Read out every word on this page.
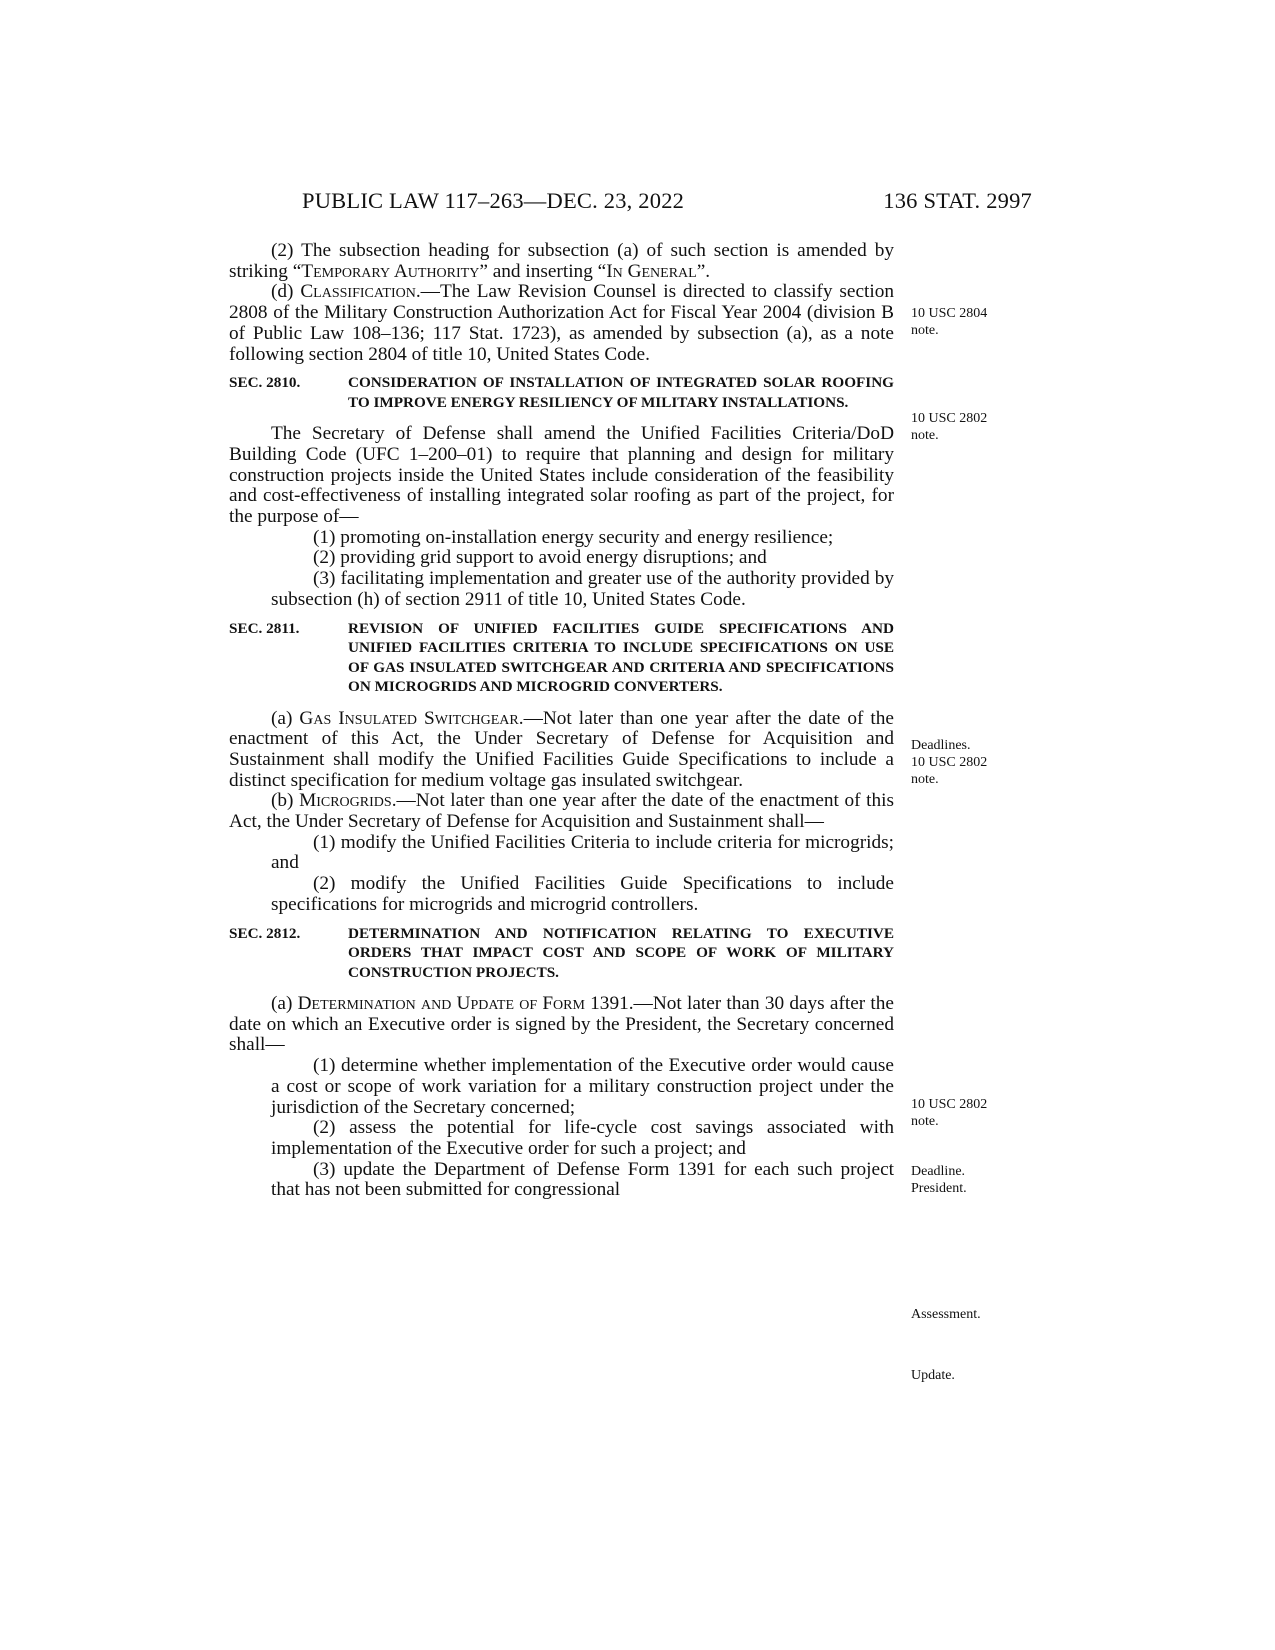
PUBLIC LAW 117–263—DEC. 23, 2022	136 STAT. 2997

(2) The subsection heading for subsection (a) of such section is amended by striking “Temporary Authority” and inserting “In General”.

(d) Classification.—The Law Revision Counsel is directed to classify section 2808 of the Military Construction Authorization Act for Fiscal Year 2004 (division B of Public Law 108–136; 117 Stat. 1723), as amended by subsection (a), as a note following section 2804 of title 10, United States Code.

SEC. 2810.	CONSIDERATION OF INSTALLATION OF INTEGRATED SOLAR ROOFING TO IMPROVE ENERGY RESILIENCY OF MILITARY INSTALLATIONS.

The Secretary of Defense shall amend the Unified Facilities Criteria/DoD Building Code (UFC 1–200–01) to require that planning and design for military construction projects inside the United States include consideration of the feasibility and cost-effectiveness of installing integrated solar roofing as part of the project, for the purpose of—

(1) promoting on-installation energy security and energy resilience;

(2) providing grid support to avoid energy disruptions; and

(3) facilitating implementation and greater use of the authority provided by subsection (h) of section 2911 of title 10, United States Code.

SEC. 2811.	REVISION OF UNIFIED FACILITIES GUIDE SPECIFICATIONS AND UNIFIED FACILITIES CRITERIA TO INCLUDE SPECIFICATIONS ON USE OF GAS INSULATED SWITCHGEAR AND CRITERIA AND SPECIFICATIONS ON MICROGRIDS AND MICROGRID CONVERTERS.

(a) Gas Insulated Switchgear.—Not later than one year after the date of the enactment of this Act, the Under Secretary of Defense for Acquisition and Sustainment shall modify the Unified Facilities Guide Specifications to include a distinct specification for medium voltage gas insulated switchgear.

(b) Microgrids.—Not later than one year after the date of the enactment of this Act, the Under Secretary of Defense for Acquisition and Sustainment shall—

(1) modify the Unified Facilities Criteria to include criteria for microgrids; and

(2) modify the Unified Facilities Guide Specifications to include specifications for microgrids and microgrid controllers.

SEC. 2812.	DETERMINATION AND NOTIFICATION RELATING TO EXECUTIVE ORDERS THAT IMPACT COST AND SCOPE OF WORK OF MILITARY CONSTRUCTION PROJECTS.

(a) Determination and Update of Form 1391.—Not later than 30 days after the date on which an Executive order is signed by the President, the Secretary concerned shall—

(1) determine whether implementation of the Executive order would cause a cost or scope of work variation for a military construction project under the jurisdiction of the Secretary concerned;

(2) assess the potential for life-cycle cost savings associated with implementation of the Executive order for such a project; and

(3) update the Department of Defense Form 1391 for each such project that has not been submitted for congressional

10 USC 2804
note.
10 USC 2802
note.
Deadlines.
10 USC 2802
note.
10 USC 2802
note.
Deadline.
President.
Assessment.
Update.
